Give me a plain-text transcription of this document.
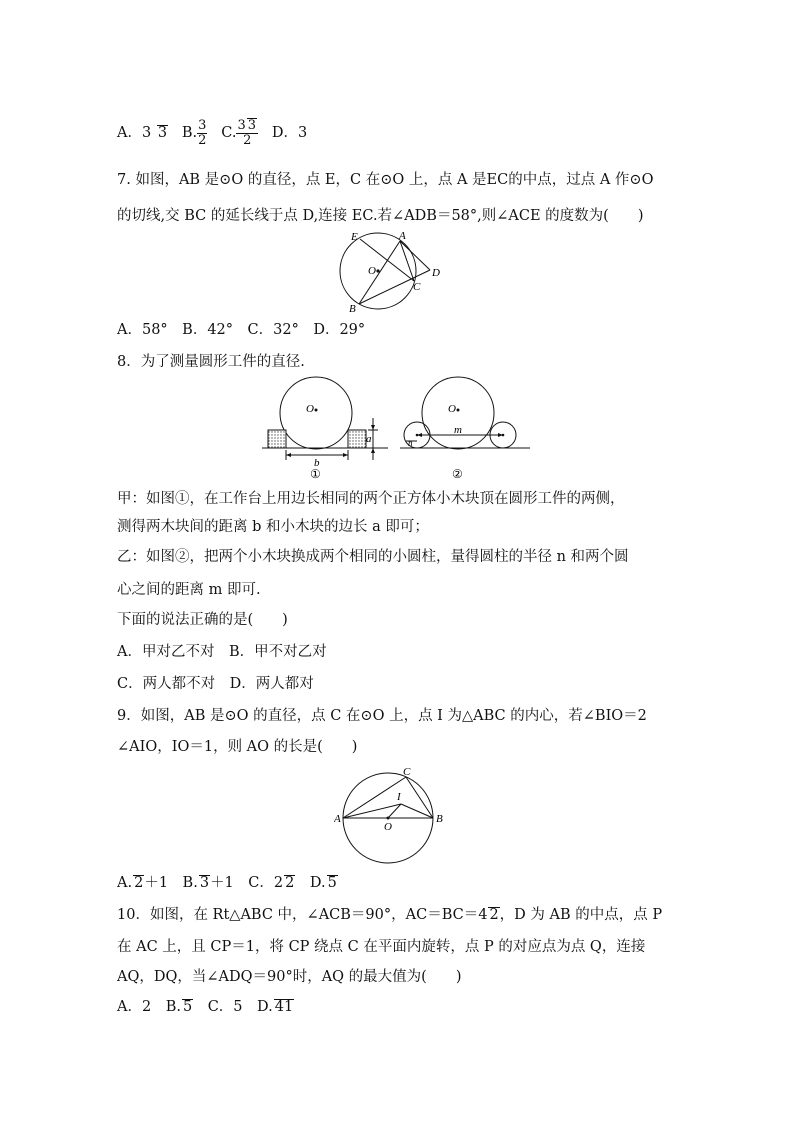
A．3 3 B. $\frac{3}{2} C$. $\frac{3 3}{2}$ D．3
7. 如图，AB 是⊙O 的直径，点 E，C 在⊙O 上，点 A 是EC的中点，过点 A 作⊙O
的切线,交 BC 的延长线于点 D,连接 EC.若∠ADB＝58°,则∠ACE 的度数为(　　)
E	A
O	D
C
B
A．58°　B．42°　C．32°　D．29°
8．为了测量圆形工件的直径.
O
b
a
①
O
m
n
②
甲：如图①，在工作台上用边长相同的两个正方体小木块顶在圆形工件的两侧，
测得两木块间的距离 b 和小木块的边长 a 即可；
乙：如图②，把两个小木块换成两个相同的小圆柱，量得圆柱的半径 n 和两个圆
心之间的距离 m 即可.
下面的说法正确的是(　　)
A．甲对乙不对　B．甲不对乙对
C．两人都不对　D．两人都对
9．如图，AB 是⊙O 的直径，点 C 在⊙O 上，点 I 为△ABC 的内心，若∠BIO＝2
∠AIO，IO＝1，则 AO 的长是(　　)
C
I
A
O
B
A. 2＋1　B. 3＋1　C．2 2　D. 5
10．如图，在 Rt△ABC 中，∠ACB＝90°，AC＝BC＝4 2，D 为 AB 的中点，点 P
在 AC 上，且 CP＝1，将 CP 绕点 C 在平面内旋转，点 P 的对应点为点 Q，连接
AQ，DQ，当∠ADQ＝90°时，AQ 的最大值为(　　)
A．2　B. 5　C．5　D. 41
